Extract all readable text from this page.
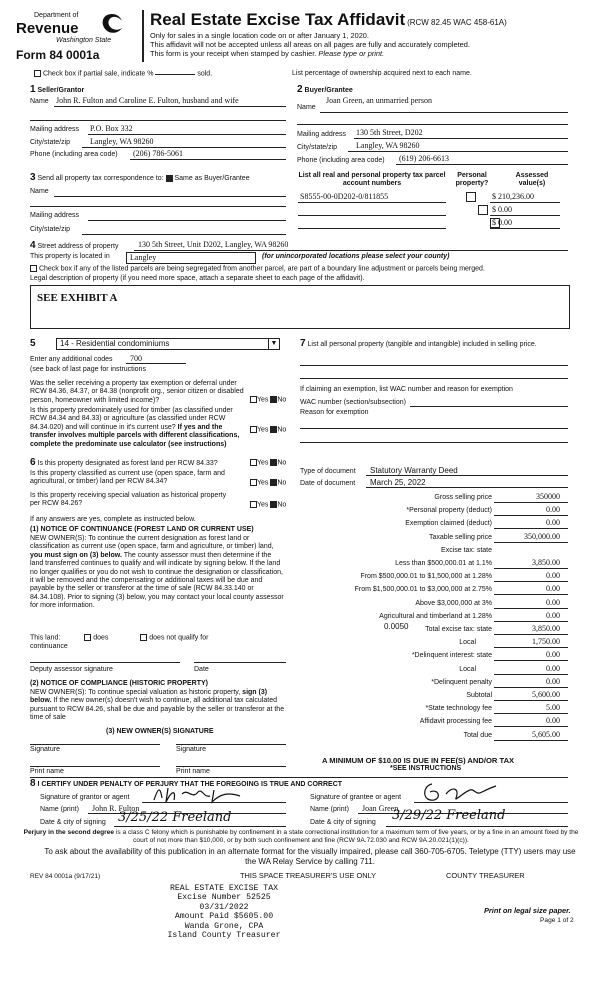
Department of
Revenue
Washington State
Form 84 0001a
Real Estate Excise Tax Affidavit (RCW 82.45 WAC 458-61A)
Only for sales in a single location code on or after January 1, 2020.
This affidavit will not be accepted unless all areas on all pages are fully and accurately completed.
This form is your receipt when stamped by cashier. Please type or print.
Check box if partial sale, indicate %	sold.	List percentage of ownership acquired next to each name.
1 Seller/Grantor
Name John R. Fulton and Caroline E. Fulton, husband and wife
Mailing address P.O. Box 332
City/state/zip Langley, WA 98260
Phone (including area code) (206) 786-5061
2 Buyer/Grantee
Name
Joan Green, an unmarried person
Mailing address 130 5th Street, D202
City/state/zip Langley, WA 98260
Phone (including area code) (619) 206-6613
3 Send all property tax correspondence to: Same as Buyer/Grantee
Name
Mailing address
City/state/zip
List all real and personal property tax parcel account numbers
Personal property?
Assessed value(s)
S8555-00-0D202-0/811855
	$ 210,236.00
$ 0.00
$ 0.00
4 Street address of property 130 5th Street, Unit D202, Langley, WA 98260
This property is located in	Langley	(for unincorporated locations please select your county)
Check box if any of the listed parcels are being segregated from another parcel, are part of a boundary line adjustment or parcels being merged.
Legal description of property (if you need more space, attach a separate sheet to each page of the affidavit).
SEE EXHIBIT A
5	14 - Residential condominiums	▼
Enter any additional codes 700
(see back of last page for instructions
Was the seller receiving a property tax exemption or deferral under RCW 84.36, 84.37, or 84.38 (nonprofit org., senior citizen or disabled person, homeowner with limited income)?	Yes No
Is this property predominately used for timber (as classified under RCW 84.34 and 84.33) or agriculture (as classified under RCW 84.34.020) and will continue in it's current use? If yes and the transfer involves multiple parcels with different classifications, complete the predominate use calculator (see instructions)
Yes No
6 Is this property designated as forest land per RCW 84.33?	Yes No
Is this property classified as current use (open space, farm and agricultural, or timber) land per RCW 84.34?	Yes No
Is this property receiving special valuation as historical property per RCW 84.26?	Yes No
If any answers are yes, complete as instructed below.
(1) NOTICE OF CONTINUANCE (FOREST LAND OR CURRENT USE)
NEW OWNER(S): To continue the current designation as forest land or classification as current use (open space, farm and agriculture, or timber) land, you must sign on (3) below. The county assessor must then determine if the land transferred continues to qualify and will indicate by signing below. If the land no longer qualifies or you do not wish to continue the designation or classification, it will be removed and the compensating or additional taxes will be due and payable by the seller or transferor at the time of sale (RCW 84.33.140 or 84.34.108). Prior to signing (3) below, you may contact your local county assessor for more information.
This land:	does	does not qualify for
continuance
Deputy assessor signature	Date
(2) NOTICE OF COMPLIANCE (HISTORIC PROPERTY)
NEW OWNER(S): To continue special valuation as historic property, sign (3) below. If the new owner(s) doesn't wish to continue, all additional tax calculated pursuant to RCW 84.26, shall be due and payable by the seller or transferor at the time of sale
(3) NEW OWNER(S) SIGNATURE
Signature	Signature
Print name	Print name
7 List all personal property (tangible and intangible) included in selling price.
If claiming an exemption, list WAC number and reason for exemption
WAC number (section/subsection)
Reason for exemption
Type of document Statutory Warranty Deed
Date of document March 25, 2022
Gross selling price	350000
*Personal property (deduct)	0.00
Exemption claimed (deduct)	0.00
Taxable selling price	350,000.00
Excise tax: state
Less than $500,000.01 at 1.1%	3,850.00
From $500,000.01 to $1,500,000 at 1.28%	0.00
From $1,500,000.01 to $3,000,000 at 2.75%	0.00
Above $3,000,000 at 3%	0.00
Agricultural and timberland at 1.28%	0.00
Total excise tax: state	3,850.00
Local	1,750.00
*Delinquent interest: state	0.00
Local	0.00
*Delinquent penalty	0.00
Subtotal	5,600.00
*State technology fee	5.00
Affidavit processing fee	0.00
Total due	5,605.00
0.0050
A MINIMUM OF $10.00 IS DUE IN FEE(S) AND/OR TAX
*SEE INSTRUCTIONS
8 I CERTIFY UNDER PENALTY OF PERJURY THAT THE FOREGOING IS TRUE AND CORRECT
Signature of grantor or agent
Name (print) John R. Fulton
Date & city of signing 3/25/22 Freeland
Signature of grantee or agent
Name (print) Joan Green
Date & city of signing 3/29/22 Freeland
Perjury in the second degree is a class C felony which is punishable by confinement in a state correctional institution for a maximum term of five years, or by a fine in an amount fixed by the court of not more than $10,000, or by both such confinement and fine (RCW 9A.72.030 and RCW 9A.20.021(1)(c)).
To ask about the availability of this publication in an alternate format for the visually impaired, please call 360-705-6705. Teletype (TTY) users may use the WA Relay Service by calling 711.
REV 84 0001a (9/17/21)	THIS SPACE TREASURER'S USE ONLY	COUNTY TREASURER
REAL ESTATE EXCISE TAX
Excise Number 52525
03/31/2022
Amount Paid $5605.00
Wanda Grone, CPA
Island County Treasurer
Print on legal size paper.
Page 1 of 2
